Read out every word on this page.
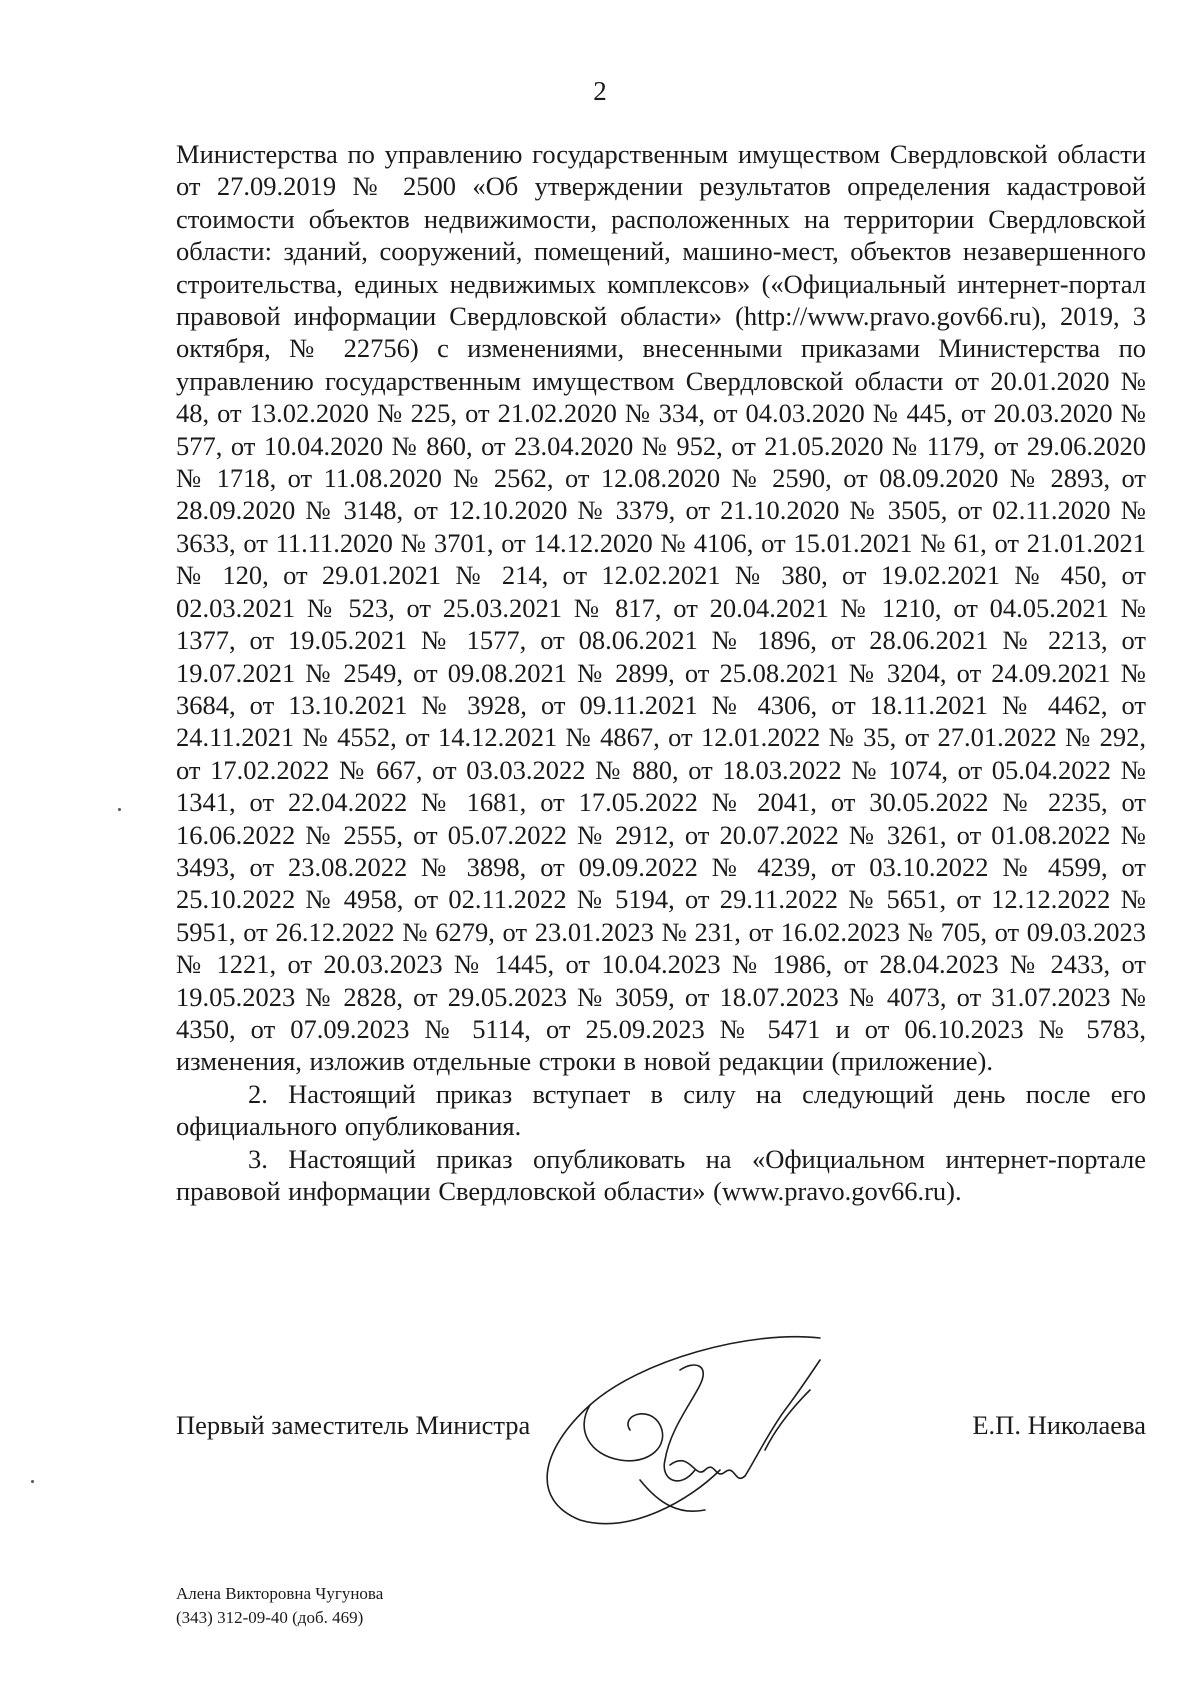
2

Министерства по управлению государственным имуществом Свердловской области от 27.09.2019 № 2500 «Об утверждении результатов определения кадастровой стоимости объектов недвижимости, расположенных на территории Свердловской области: зданий, сооружений, помещений, машино-мест, объектов незавершенного строительства, единых недвижимых комплексов» («Официальный интернет-портал правовой информации Свердловской области» (http://www.pravo.gov66.ru), 2019, 3 октября, № 22756) с изменениями, внесенными приказами Министерства по управлению государственным имуществом Свердловской области от 20.01.2020 № 48, от 13.02.2020 № 225, от 21.02.2020 № 334, от 04.03.2020 № 445, от 20.03.2020 № 577, от 10.04.2020 № 860, от 23.04.2020 № 952, от 21.05.2020 № 1179, от 29.06.2020 № 1718, от 11.08.2020 № 2562, от 12.08.2020 № 2590, от 08.09.2020 № 2893, от 28.09.2020 № 3148, от 12.10.2020 № 3379, от 21.10.2020 № 3505, от 02.11.2020 № 3633, от 11.11.2020 № 3701, от 14.12.2020 № 4106, от 15.01.2021 № 61, от 21.01.2021 № 120, от 29.01.2021 № 214, от 12.02.2021 № 380, от 19.02.2021 № 450, от 02.03.2021 № 523, от 25.03.2021 № 817, от 20.04.2021 № 1210, от 04.05.2021 № 1377, от 19.05.2021 № 1577, от 08.06.2021 № 1896, от 28.06.2021 № 2213, от 19.07.2021 № 2549, от 09.08.2021 № 2899, от 25.08.2021 № 3204, от 24.09.2021 № 3684, от 13.10.2021 № 3928, от 09.11.2021 № 4306, от 18.11.2021 № 4462, от 24.11.2021 № 4552, от 14.12.2021 № 4867, от 12.01.2022 № 35, от 27.01.2022 № 292, от 17.02.2022 № 667, от 03.03.2022 № 880, от 18.03.2022 № 1074, от 05.04.2022 № 1341, от 22.04.2022 № 1681, от 17.05.2022 № 2041, от 30.05.2022 № 2235, от 16.06.2022 № 2555, от 05.07.2022 № 2912, от 20.07.2022 № 3261, от 01.08.2022 № 3493, от 23.08.2022 № 3898, от 09.09.2022 № 4239, от 03.10.2022 № 4599, от 25.10.2022 № 4958, от 02.11.2022 № 5194, от 29.11.2022 № 5651, от 12.12.2022 № 5951, от 26.12.2022 № 6279, от 23.01.2023 № 231, от 16.02.2023 № 705, от 09.03.2023 № 1221, от 20.03.2023 № 1445, от 10.04.2023 № 1986, от 28.04.2023 № 2433, от 19.05.2023 № 2828, от 29.05.2023 № 3059, от 18.07.2023 № 4073, от 31.07.2023 № 4350, от 07.09.2023 № 5114, от 25.09.2023 № 5471 и от 06.10.2023 № 5783, изменения, изложив отдельные строки в новой редакции (приложение).

2. Настоящий приказ вступает в силу на следующий день после его официального опубликования.

3. Настоящий приказ опубликовать на «Официальном интернет-портале правовой информации Свердловской области» (www.pravo.gov66.ru).

Первый заместитель Министра	Е.П. Николаева
Алена Викторовна Чугунова
(343) 312-09-40 (доб. 469)
